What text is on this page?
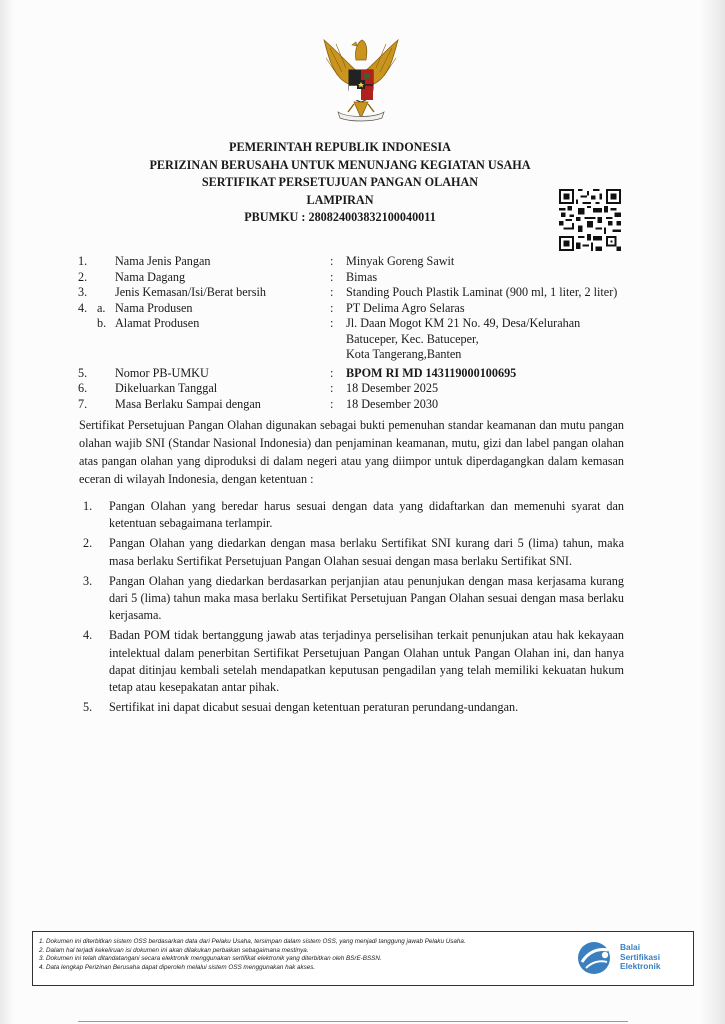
PEMERINTAH REPUBLIK INDONESIA
PERIZINAN BERUSAHA UNTUK MENUNJANG KEGIATAN USAHA
SERTIFIKAT PERSETUJUAN PANGAN OLAHAN
LAMPIRAN
PBUMKU : 280824003832100040011
1. Nama Jenis Pangan	: Minyak Goreng Sawit
2. Nama Dagang	: Bimas
3. Jenis Kemasan/Isi/Berat bersih	: Standing Pouch Plastik Laminat (900 ml, 1 liter, 2 liter)
4. a. Nama Produsen	: PT Delima Agro Selaras
b. Alamat Produsen	: Jl. Daan Mogot KM 21 No. 49, Desa/Kelurahan
Batuceper, Kec. Batuceper,
Kota Tangerang,Banten
5. Nomor PB-UMKU	: BPOM RI MD 143119000100695
6. Dikeluarkan Tanggal	: 18 Desember 2025
7. Masa Berlaku Sampai dengan	: 18 Desember 2030
Sertifikat Persetujuan Pangan Olahan digunakan sebagai bukti pemenuhan standar keamanan dan mutu pangan olahan wajib SNI (Standar Nasional Indonesia) dan penjaminan keamanan, mutu, gizi dan label pangan olahan atas pangan olahan yang diproduksi di dalam negeri atau yang diimpor untuk diperdagangkan dalam kemasan eceran di wilayah Indonesia, dengan ketentuan :
1. Pangan Olahan yang beredar harus sesuai dengan data yang didaftarkan dan memenuhi syarat dan ketentuan sebagaimana terlampir.
2. Pangan Olahan yang diedarkan dengan masa berlaku Sertifikat SNI kurang dari 5 (lima) tahun, maka masa berlaku Sertifikat Persetujuan Pangan Olahan sesuai dengan masa berlaku Sertifikat SNI.
3. Pangan Olahan yang diedarkan berdasarkan perjanjian atau penunjukan dengan masa kerjasama kurang dari 5 (lima) tahun maka masa berlaku Sertifikat Persetujuan Pangan Olahan sesuai dengan masa berlaku kerjasama.
4. Badan POM tidak bertanggung jawab atas terjadinya perselisihan terkait penunjukan atau hak kekayaan intelektual dalam penerbitan Sertifikat Persetujuan Pangan Olahan untuk Pangan Olahan ini, dan hanya dapat ditinjau kembali setelah mendapatkan keputusan pengadilan yang telah memiliki kekuatan hukum tetap atau kesepakatan antar pihak.
5. Sertifikat ini dapat dicabut sesuai dengan ketentuan peraturan perundang-undangan.
1. Dokumen ini diterbitkan sistem OSS berdasarkan data dari Pelaku Usaha, tersimpan dalam sistem OSS, yang menjadi tanggung jawab Pelaku Usaha.
2. Dalam hal terjadi kekeliruan isi dokumen ini akan dilakukan perbaikan sebagaimana mestinya.
3. Dokumen ini telah ditandatangani secara elektronik menggunakan sertifikat elektronik yang diterbitkan oleh BSrE-BSSN.
4. Data lengkap Perizinan Berusaha dapat diperoleh melalui sistem OSS menggunakan hak akses.
Balai
Sertifikasi
Elektronik
